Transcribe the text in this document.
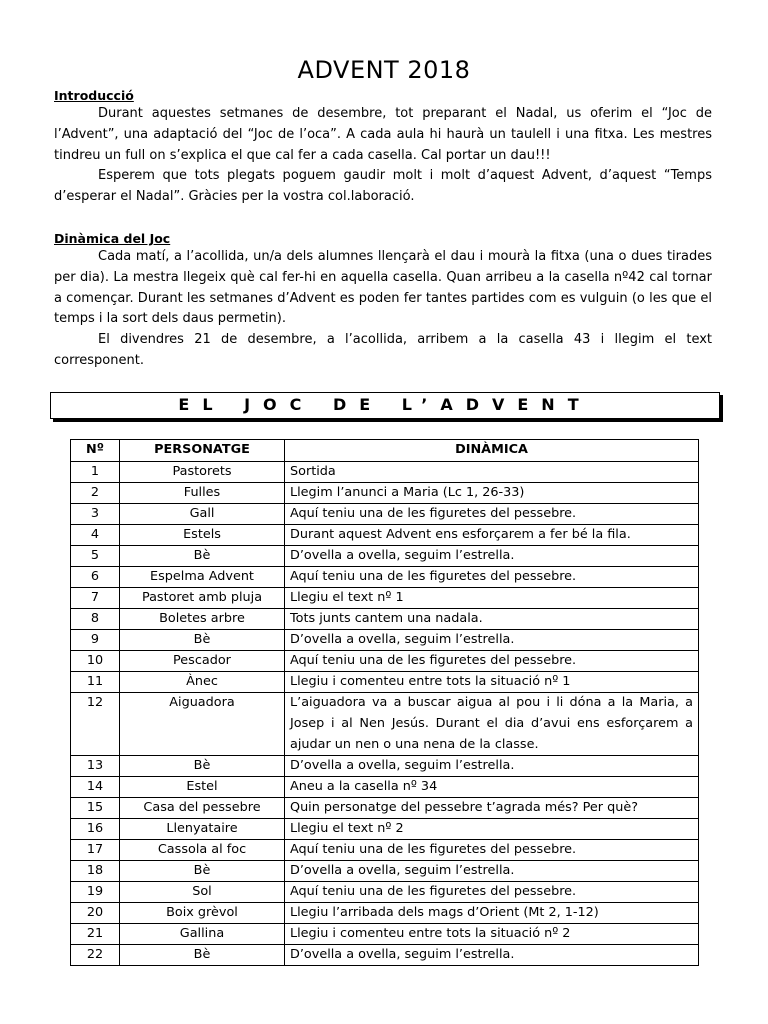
ADVENT 2018
Introducció

Durant aquestes setmanes de desembre, tot preparant el Nadal, us oferim el “Joc de l’Advent”, una adaptació del “Joc de l’oca”. A cada aula hi haurà un taulell i una fitxa. Les mestres tindreu un full on s’explica el que cal fer a cada casella. Cal portar un dau!!!

Esperem que tots plegats poguem gaudir molt i molt d’aquest Advent, d’aquest “Temps d’esperar el Nadal”. Gràcies per la vostra col.laboració.

Dinàmica del Joc

Cada matí, a l’acollida, un/a dels alumnes llençarà el dau i mourà la fitxa (una o dues tirades per dia). La mestra llegeix què cal fer-hi en aquella casella. Quan arribeu a la casella nº42 cal tornar a començar. Durant les setmanes d’Advent es poden fer tantes partides com es vulguin (o les que el temps i la sort dels daus permetin).

El divendres 21 de desembre, a l’acollida, arribem a la casella 43 i llegim el text corresponent.

EL JOC DE L’ADVENT
Nº	PERSONATGE	DINÀMICA
1	Pastorets	Sortida
2	Fulles	Llegim l’anunci a Maria (Lc 1, 26-33)
3	Gall	Aquí teniu una de les figuretes del pessebre.
4	Estels	Durant aquest Advent ens esforçarem a fer bé la fila.
5	Bè	D’ovella a ovella, seguim l’estrella.
6	Espelma Advent	Aquí teniu una de les figuretes del pessebre.
7	Pastoret amb pluja	Llegiu el text nº 1
8	Boletes arbre	Tots junts cantem una nadala.
9	Bè	D’ovella a ovella, seguim l’estrella.
10	Pescador	Aquí teniu una de les figuretes del pessebre.
11	Ànec	Llegiu i comenteu entre tots la situació nº 1
12	Aiguadora	L’aiguadora va a buscar aigua al pou i li dóna a la Maria, a Josep i al Nen Jesús. Durant el dia d’avui ens esforçarem a ajudar un nen o una nena de la classe.
13	Bè	D’ovella a ovella, seguim l’estrella.
14	Estel	Aneu a la casella nº 34
15	Casa del pessebre	Quin personatge del pessebre t’agrada més? Per què?
16	Llenyataire	Llegiu el text nº 2
17	Cassola al foc	Aquí teniu una de les figuretes del pessebre.
18	Bè	D’ovella a ovella, seguim l’estrella.
19	Sol	Aquí teniu una de les figuretes del pessebre.
20	Boix grèvol	Llegiu l’arribada dels mags d’Orient (Mt 2, 1-12)
21	Gallina	Llegiu i comenteu entre tots la situació nº 2
22	Bè	D’ovella a ovella, seguim l’estrella.
